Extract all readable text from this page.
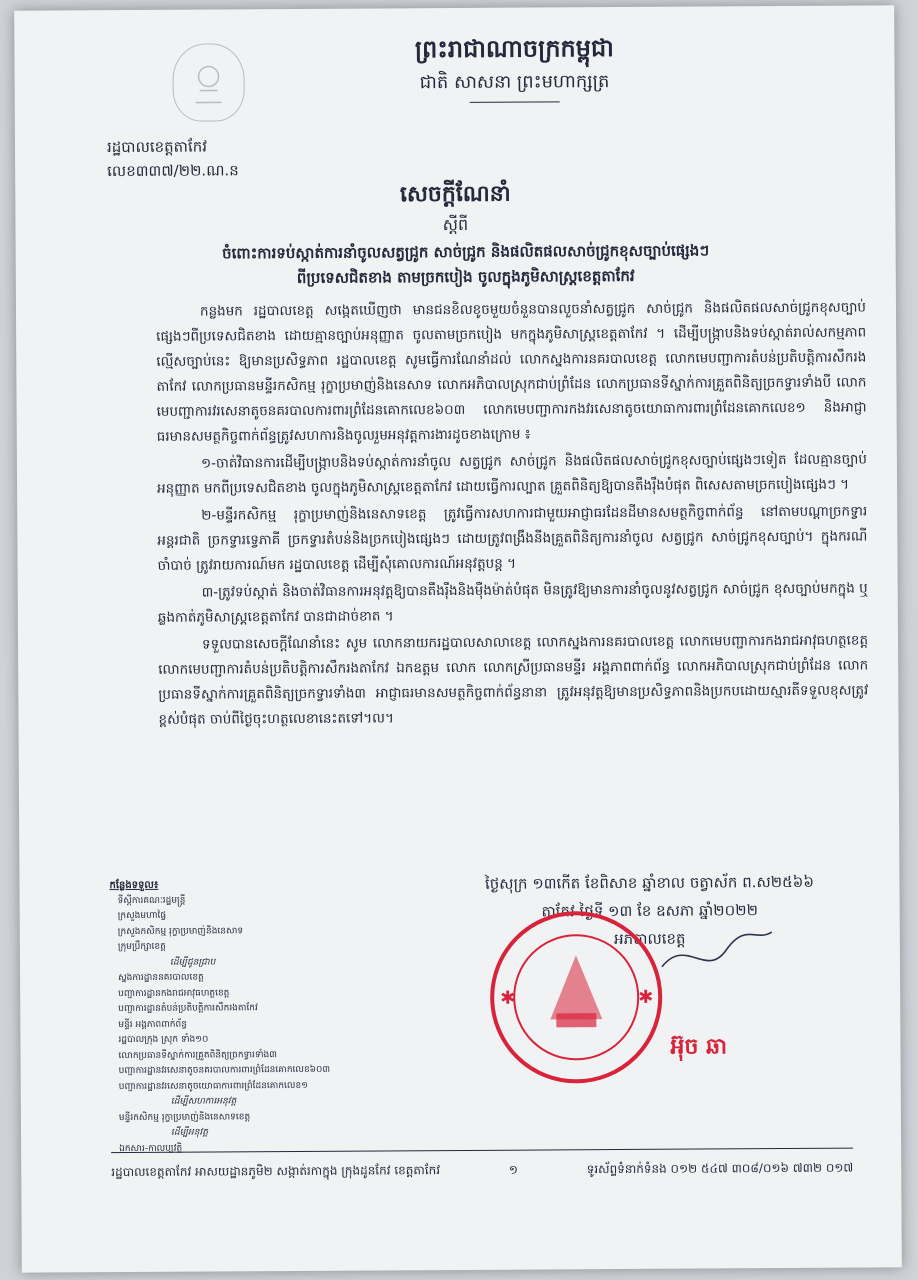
ព្រះរាជាណាចក្រកម្ពុជា
ជាតិ សាសនា ព្រះមហាក្សត្រ
រដ្ឋបាលខេត្តតាកែវ
លេខ៣៣៧/២២.ណ.ន
សេចក្តីណែនាំ
ស្តីពី
ចំពោះការទប់ស្កាត់ការនាំចូលសត្វជ្រូក សាច់ជ្រូក និងផលិតផលសាច់ជ្រូកខុសច្បាប់ផ្សេងៗ
ពីប្រទេសជិតខាង តាមច្រកបៀង ចូលក្នុងភូមិសាស្ត្រខេត្តតាកែវ

កន្លងមក រដ្ឋបាលខេត្ត សង្កេតឃើញថា មានជនខិលខូចមួយចំនួនបានលួចនាំសត្វជ្រូក សាច់ជ្រូក និងផលិតផលសាច់ជ្រូកខុសច្បាប់ផ្សេងៗពីប្រទេសជិតខាង ដោយគ្មានច្បាប់អនុញ្ញាត ចូលតាមច្រកបៀង មកក្នុងភូមិសាស្ត្រខេត្តតាកែវ ។ ដើម្បីបង្ក្រាបនិងទប់ស្កាត់រាល់សកម្មភាពល្មើសច្បាប់នេះ ឱ្យមានប្រសិទ្ធភាព រដ្ឋបាលខេត្ត សូមធ្វើការណែនាំដល់ លោកស្នងការនគរបាលខេត្ត លោកមេបញ្ជាការតំបន់ប្រតិបត្តិការសឹករងតាកែវ លោកប្រធានមន្ទីរកសិកម្ម រុក្ខាប្រមាញ់និងនេសាទ លោកអភិបាលស្រុកជាប់ព្រំដែន លោកប្រធានទីស្នាក់ការគ្រួតពិនិត្យច្រកទ្វារទាំងបី លោកមេបញ្ជាការវរសេនាតូចនគរបាលការពារព្រំដែនគោកលេខ៦០៣ លោកមេបញ្ជាការកងវរសេនាតូចយោធាការពារព្រំដែនគោកលេខ១ និងអាជ្ញាធរមានសមត្ថកិច្ចពាក់ព័ន្ធត្រូវសហការនិងចូលរួមអនុវត្តការងារដូចខាងក្រោម ៖

១-ចាត់វិធានការដើម្បីបង្ក្រាបនិងទប់ស្កាត់ការនាំចូល សត្វជ្រូក សាច់ជ្រូក និងផលិតផលសាច់ជ្រូកខុសច្បាប់ផ្សេងៗទៀត ដែលគ្មានច្បាប់អនុញ្ញាត មកពីប្រទេសជិតខាង ចូលក្នុងភូមិសាស្ត្រខេត្តតាកែវ ដោយធ្វើការល្បាត គ្រួតពិនិត្យឱ្យបានតឹងរ៉ឹងបំផុត ពិសេសតាមច្រកបៀងផ្សេងៗ ។

២-មន្ទីរកសិកម្ម រុក្ខាប្រមាញ់និងនេសាទខេត្ត ត្រូវធ្វើការសហការជាមួយអាជ្ញាធរដែនដីមានសមត្ថកិច្ចពាក់ព័ន្ធ នៅតាមបណ្តាច្រកទ្វារអន្តរជាតិ ច្រកទ្វារទ្វេភាគី ច្រកទ្វារតំបន់និងច្រកបៀងផ្សេងៗ ដោយត្រូវពង្រឹងនីងគ្រួតពិនិត្យការនាំចូល សត្វជ្រូក សាច់ជ្រូកខុសច្បាប់។ ក្នុងករណីចាំបាច់ ត្រូវរាយការណ៍មក រដ្ឋបាលខេត្ត ដើម្បីសុំគោលការណ៍អនុវត្តបន្ត ។

៣-ត្រូវទប់ស្កាត់ និងចាត់វិធានការអនុវត្តឱ្យបានតឹងរ៉ឹងនិងម៉ឺងម៉ាត់បំផុត មិនត្រូវឱ្យមានការនាំចូលនូវសត្វជ្រូក សាច់ជ្រូក ខុសច្បាប់មកក្នុង ឬឆ្លងកាត់ភូមិសាស្ត្រខេត្តតាកែវ បានជាដាច់ខាត ។

ទទួលបានសេចក្តីណែនាំនេះ សូម លោកនាយករដ្ឋបាលសាលាខេត្ត លោកស្នងការនគរបាលខេត្ត លោកមេបញ្ជាការកងរាជអាវុធហត្ថខេត្ត លោកមេបញ្ជាការតំបន់ប្រតិបត្តិការសឹករងតាកែវ ឯកឧត្តម លោក លោកស្រីប្រធានមន្ទីរ អង្គភាពពាក់ព័ន្ធ លោកអភិបាលស្រុកជាប់ព្រំដែន លោកប្រធានទីស្នាក់ការគ្រួតពិនិត្យច្រកទ្វារទាំង៣ អាជ្ញាធរមានសមត្ថកិច្ចពាក់ព័ន្ធនានា ត្រូវអនុវត្តឱ្យមានប្រសិទ្ធភាពនិងប្រកបដោយស្មារតីទទួលខុសត្រូវខ្ពស់បំផុត ចាប់ពីថ្ងៃចុះហត្ថលេខានេះតទៅ។ល។

ថ្ងៃសុក្រ ១៣កើត ខែពិសាខ ឆ្នាំខាល ចត្វាស័ក ព.ស២៥៦៦
តាកែវ ថ្ងៃទី ១៣ ខែ ឧសភា ឆ្នាំ២០២២
អភិបាលខេត្ត
កន្លែងទទួល៖
ទីស្តីការគណៈរដ្ឋមន្ត្រី
ក្រសួងមហាផ្ទៃ
ក្រសួងកសិកម្ម រុក្ខាប្រមាញ់និងនេសាទ
ក្រុមប្រឹក្សាខេត្ត
ដើម្បីជូនជ្រាប
ស្នងការដ្ឋាននគរបាលខេត្ត
បញ្ជាការដ្ឋានកងរាជអាវុធហត្ថខេត្ត
បញ្ជាការដ្ឋានតំបន់ប្រតិបត្តិការសឹករងតាកែវ
មន្ទីរ អង្គភាពពាក់ព័ន្ធ
រដ្ឋបាលក្រុង ស្រុក ទាំង១០
លោកប្រធានទីស្នាក់ការគ្រួតពិនិត្យច្រកទ្វារទាំង៣
បញ្ជាការដ្ឋានវរសេនាតូចនគរបាលការពារព្រំដែនគោកលេខ៦០៣
បញ្ជាការដ្ឋានវរសេនាតូចយោធាការពារព្រំដែនគោកលេខ១
ដើម្បីសហការអនុវត្ត
មន្ទីរកសិកម្ម រុក្ខាប្រមាញ់និងនេសាទខេត្ត
ដើម្បីអនុវត្ត
ឯកសារ-កាលប្បវត្តិ
✱	✱
អ៊ុច ឆា
រដ្ឋបាលខេត្តតាកែវ អាសយដ្ឋានភូមិ២ សង្កាត់រកាក្នុង ក្រុងដូនកែវ ខេត្តតាកែវ	១	ទូរស័ព្ទទំនាក់ទំនង ០១២ ៥៤៧ ៣០៨/០១៦ ៧៣២ ០១៧
